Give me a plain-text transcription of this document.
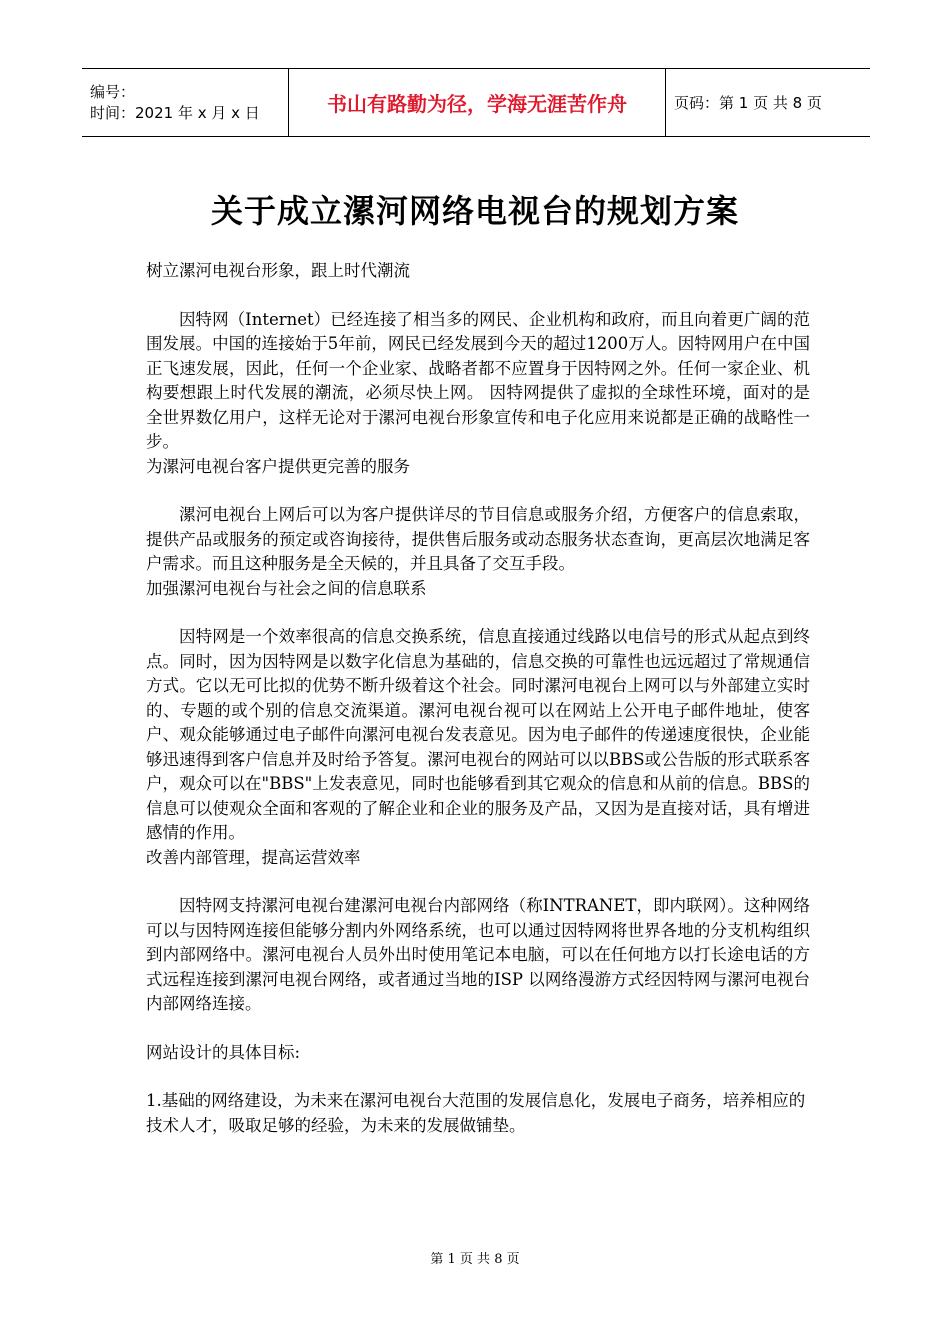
编号：
时间：2021 年 x 月 x 日	书山有路勤为径，学海无涯苦作舟	页码：第 1 页 共 8 页
关于成立漯河网络电视台的规划方案

树立漯河电视台形象，跟上时代潮流

因特网（Internet）已经连接了相当多的网民、企业机构和政府，而且向着更广阔的范围发展。中国的连接始于5年前，网民已经发展到今天的超过1200万人。因特网用户在中国正飞速发展，因此，任何一个企业家、战略者都不应置身于因特网之外。任何一家企业、机构要想跟上时代发展的潮流，必须尽快上网。 因特网提供了虚拟的全球性环境，面对的是全世界数亿用户，这样无论对于漯河电视台形象宣传和电子化应用来说都是正确的战略性一步。

为漯河电视台客户提供更完善的服务

漯河电视台上网后可以为客户提供详尽的节目信息或服务介绍，方便客户的信息索取，提供产品或服务的预定或咨询接待，提供售后服务或动态服务状态查询，更高层次地满足客户需求。而且这种服务是全天候的，并且具备了交互手段。

加强漯河电视台与社会之间的信息联系

因特网是一个效率很高的信息交换系统，信息直接通过线路以电信号的形式从起点到终点。同时，因为因特网是以数字化信息为基础的，信息交换的可靠性也远远超过了常规通信方式。它以无可比拟的优势不断升级着这个社会。同时漯河电视台上网可以与外部建立实时的、专题的或个别的信息交流渠道。漯河电视台视可以在网站上公开电子邮件地址，使客户、观众能够通过电子邮件向漯河电视台发表意见。因为电子邮件的传递速度很快，企业能够迅速得到客户信息并及时给予答复。漯河电视台的网站可以以BBS或公告版的形式联系客户，观众可以在"BBS"上发表意见，同时也能够看到其它观众的信息和从前的信息。BBS的信息可以使观众全面和客观的了解企业和企业的服务及产品，又因为是直接对话，具有增进感情的作用。

改善内部管理，提高运营效率

因特网支持漯河电视台建漯河电视台内部网络（称INTRANET，即内联网）。这种网络可以与因特网连接但能够分割内外网络系统，也可以通过因特网将世界各地的分支机构组织到内部网络中。漯河电视台人员外出时使用笔记本电脑，可以在任何地方以打长途电话的方式远程连接到漯河电视台网络，或者通过当地的ISP 以网络漫游方式经因特网与漯河电视台内部网络连接。

网站设计的具体目标:

1.基础的网络建设，为未来在漯河电视台大范围的发展信息化，发展电子商务，培养相应的技术人才，吸取足够的经验，为未来的发展做铺垫。

第 1 页 共 8 页
